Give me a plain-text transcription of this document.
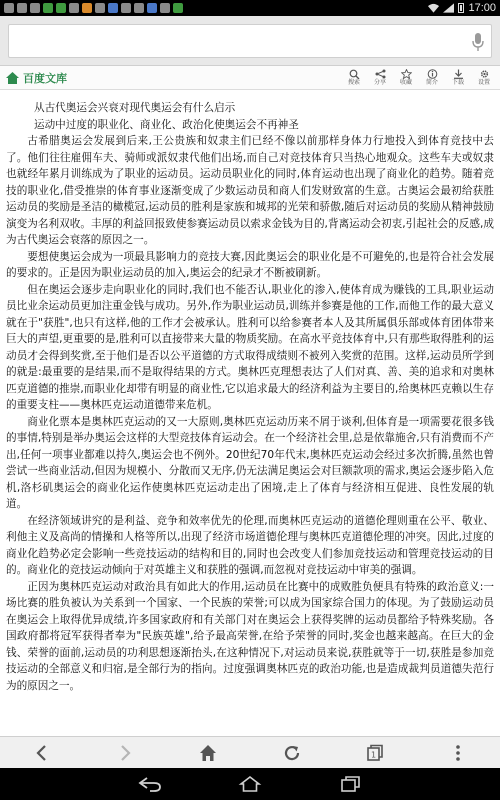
17:00
百度文库	搜索 分享 收藏 简介 下载 设置

从古代奥运会兴衰对现代奥运会有什么启示

运动中过度的职业化、商业化、政治化使奥运会不再神圣

古希腊奥运会发展到后来,王公贵族和奴隶主们已经不像以前那样身体力行地投入到体育竞技中去了。他们往往雇佣车夫、骑师或派奴隶代他们出场,而自己对竞技体育只当热心地观众。这些车夫或奴隶也就经年累月训练成为了职业的运动员。运动员职业化的同时,体育运动也出现了商业化的趋势。随着竞技的职业化,借受推崇的体育事业逐渐变成了少数运动员和商人们发财致富的生意。古奥运会最初给获胜运动员的奖励是圣洁的橄榄冠,运动员的胜利是家族和城邦的光荣和骄傲,随后对运动员的奖励从精神鼓励演变为名利双收。丰厚的利益回报致使参赛运动员以索求金钱为目的,背离运动会初衷,引起社会的反感,成为古代奥运会衰落的原因之一。

要想使奥运会成为一项最具影响力的竞技大赛,因此奥运会的职业化是不可避免的,也是符合社会发展的要求的。正是因为职业运动员的加入,奥运会的纪录才不断被刷新。

但在奥运会逐步走向职业化的同时,我们也不能否认,职业化的渗入,使体育成为赚钱的工具,职业运动员比业余运动员更加注重金钱与成功。另外,作为职业运动员,训练并参赛是他的工作,而他工作的最大意义就在于"获胜",也只有这样,他的工作才会被承认。胜利可以给参赛者本人及其所属俱乐部或体育团体带来巨大的声望,更重要的是,胜利可以直接带来大量的物质奖励。在高水平竞技体育中,只有那些取得胜利的运动员才会得到奖赏,至于他们是否以公平道德的方式取得成绩则不被列入奖赏的范围。这样,运动员所学到的就是:最重要的是结果,而不是取得结果的方式。奥林匹克理想表达了人们对真、善、美的追求和对奥林匹克道德的推崇,而职业化却带有明显的商业性,它以追求最大的经济利益为主要目的,给奥林匹克赖以生存的重要支柱——奥林匹克运动道德带来危机。

商业化票本是奥林匹克运动的又一大原则,奥林匹克运动历来不屑于谈利,但体育是一项需要花很多钱的事情,特别是举办奥运会这样的大型竞技体育运动会。在一个经济社会里,总是依靠施舍,只有消费而不产出,任何一项事业都难以持久,奥运会也不例外。20世纪70年代末,奥林匹克运动会经过多次折腾,虽然也曾尝试一些商业活动,但因为规模小、分散而又无序,仍无法满足奥运会对巨额款项的需求,奥运会逐步陷入危机,洛杉矶奥运会的商业化运作使奥林匹克运动走出了困境,走上了体育与经济相互促进、良性发展的轨道。

在经济领域讲究的是利益、竞争和效率优先的伦理,而奥林匹克运动的道德伦理则重在公平、敬业、利他主义及高尚的情操和人格等所以,出现了经济市场道德伦理与奥林匹克道德伦理的冲突。因此,过度的商业化趋势必定会影响一些竞技运动的结构和目的,同时也会改变人们参加竞技运动和管理竞技运动的目的。商业化的竞技运动倾向于对英雄主义和获胜的强调,而忽视对竞技运动中审美的强调。

正因为奥林匹克运动对政治具有如此大的作用,运动员在比赛中的成败胜负便具有特殊的政治意义:一场比赛的胜负被认为关系到一个国家、一个民族的荣誉;可以成为国家综合国力的体现。为了鼓励运动员在奥运会上取得优异成绩,许多国家政府和有关部门对在奥运会上获得奖牌的运动员都给予特殊奖励。各国政府都将冠军获得者奉为"民族英雄",给予最高荣誉,在给予荣誉的同时,奖金也越来越高。在巨大的金钱、荣誉的面前,运动员的功利思想逐渐抬头,在这种情况下,对运动员来说,获胜就等于一切,获胜是参加竞技运动的全部意义和归宿,是全部行为的指向。过度强调奥林匹克的政治功能,也是造成裁判员道德失范行为的原因之一。

1
